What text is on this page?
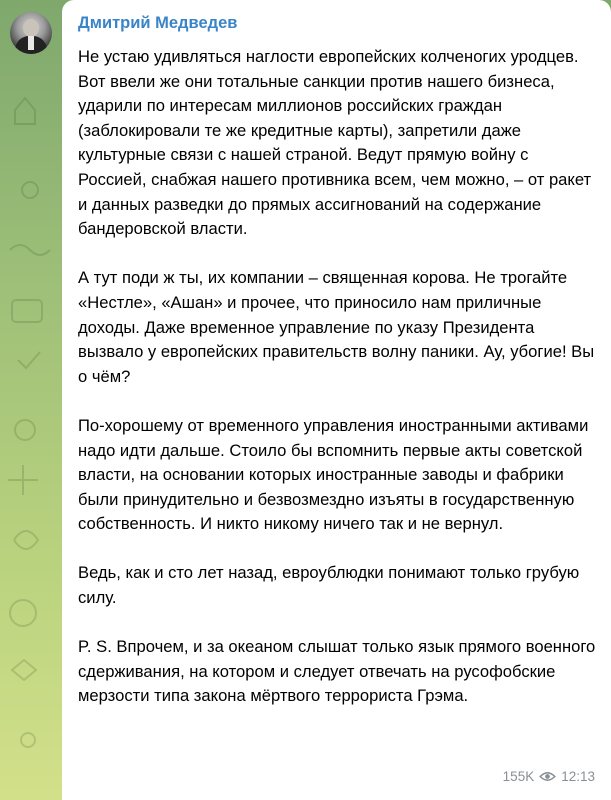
Дмитрий Медведев

Не устаю удивляться наглости европейских колченогих уродцев. Вот ввели же они тотальные санкции против нашего бизнеса, ударили по интересам миллионов российских граждан (заблокировали те же кредитные карты), запретили даже культурные связи с нашей страной. Ведут прямую войну с Россией, снабжая нашего противника всем, чем можно, – от ракет и данных разведки до прямых ассигнований на содержание бандеровской власти.

А тут поди ж ты, их компании – священная корова. Не трогайте «Нестле», «Ашан» и прочее, что приносило нам приличные доходы. Даже временное управление по указу Президента вызвало у европейских правительств волну паники. Ау, убогие! Вы о чём?

По-хорошему от временного управления иностранными активами надо идти дальше. Стоило бы вспомнить первые акты советской власти, на основании которых иностранные заводы и фабрики были принудительно и безвозмездно изъяты в государственную собственность. И никто никому ничего так и не вернул.

Ведь, как и сто лет назад, евроублюдки понимают только грубую силу.

P. S. Впрочем, и за океаном слышат только язык прямого военного сдерживания, на котором и следует отвечать на русофобские мерзости типа закона мёртвого террориста Грэма.

155K 12:13
